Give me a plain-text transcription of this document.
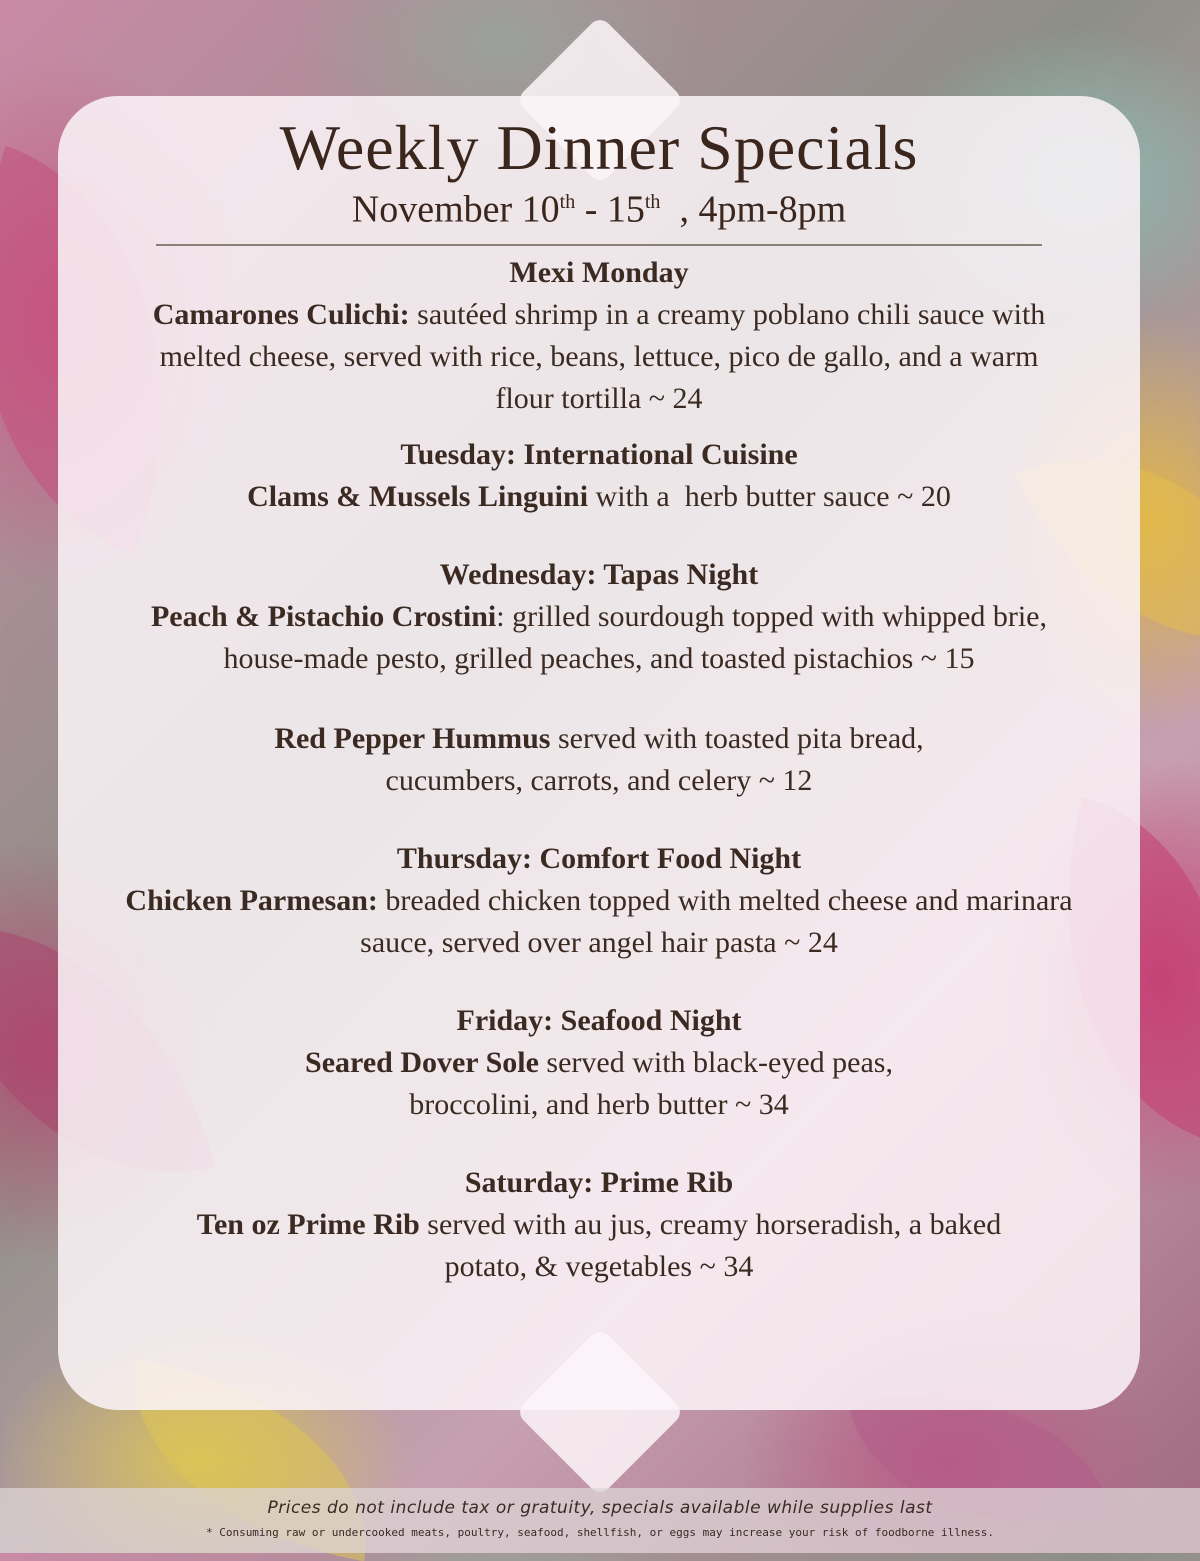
Weekly Dinner Specials
November 10th - 15th  , 4pm-8pm
Mexi Monday
Camarones Culichi: sautéed shrimp in a creamy poblano chili sauce with melted cheese, served with rice, beans, lettuce, pico de gallo, and a warm flour tortilla ~ 24
Tuesday: International Cuisine
Clams & Mussels Linguini with a  herb butter sauce ~ 20
Wednesday: Tapas Night
Peach & Pistachio Crostini: grilled sourdough topped with whipped brie, house-made pesto, grilled peaches, and toasted pistachios ~ 15
Red Pepper Hummus served with toasted pita bread, cucumbers, carrots, and celery ~ 12
Thursday: Comfort Food Night
Chicken Parmesan: breaded chicken topped with melted cheese and marinara sauce, served over angel hair pasta ~ 24
Friday: Seafood Night
Seared Dover Sole served with black-eyed peas, broccolini, and herb butter ~ 34
Saturday: Prime Rib
Ten oz Prime Rib served with au jus, creamy horseradish, a baked potato, & vegetables ~ 34
Prices do not include tax or gratuity, specials available while supplies last
* Consuming raw or undercooked meats, poultry, seafood, shellfish, or eggs may increase your risk of foodborne illness.
